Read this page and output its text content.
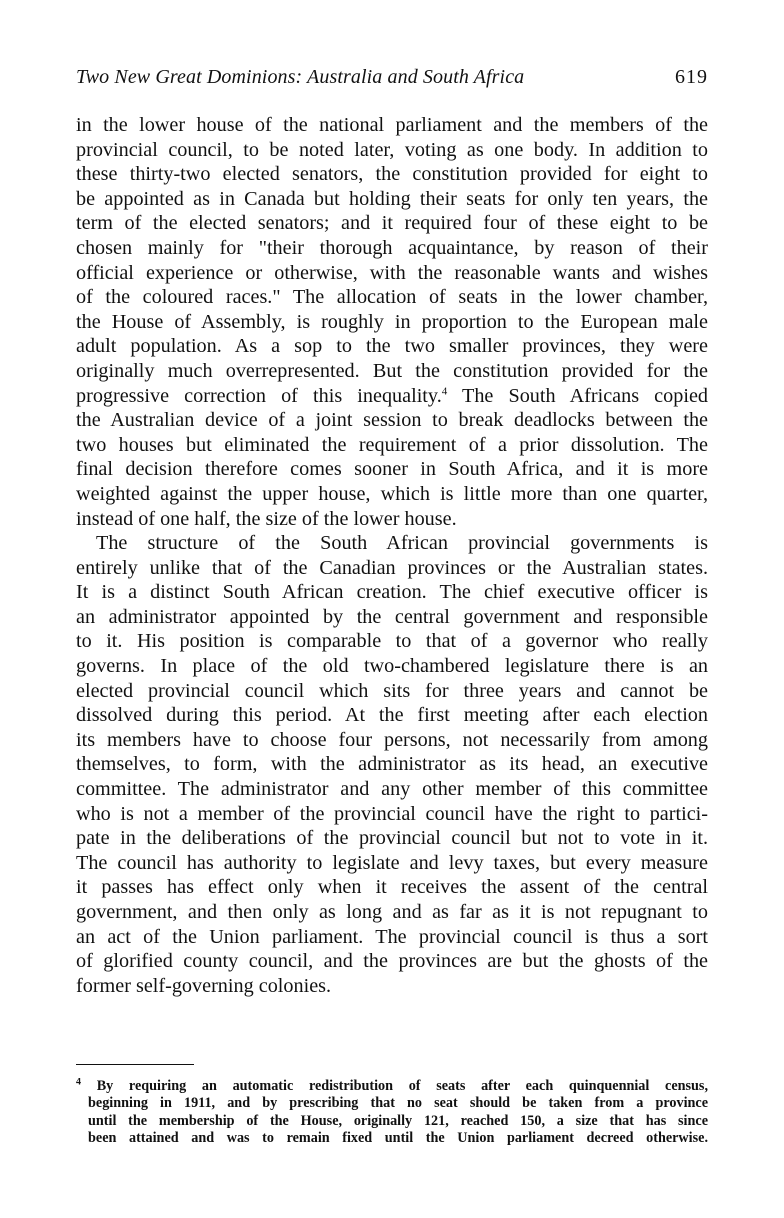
Two New Great Dominions: Australia and South Africa	619
in the lower house of the national parliament and the members of the
provincial council, to be noted later, voting as one body. In addition to
these thirty-two elected senators, the constitution provided for eight to
be appointed as in Canada but holding their seats for only ten years, the
term of the elected senators; and it required four of these eight to be
chosen mainly for "their thorough acquaintance, by reason of their
official experience or otherwise, with the reasonable wants and wishes
of the coloured races." The allocation of seats in the lower chamber,
the House of Assembly, is roughly in proportion to the European male
adult population. As a sop to the two smaller provinces, they were
originally much overrepresented. But the constitution provided for the
progressive correction of this inequality.$^4$ The South Africans copied
the Australian device of a joint session to break deadlocks between the
two houses but eliminated the requirement of a prior dissolution. The
final decision therefore comes sooner in South Africa, and it is more
weighted against the upper house, which is little more than one quarter,
instead of one half, the size of the lower house.
The structure of the South African provincial governments is
entirely unlike that of the Canadian provinces or the Australian states.
It is a distinct South African creation. The chief executive officer is
an administrator appointed by the central government and responsible
to it. His position is comparable to that of a governor who really
governs. In place of the old two-chambered legislature there is an
elected provincial council which sits for three years and cannot be
dissolved during this period. At the first meeting after each election
its members have to choose four persons, not necessarily from among
themselves, to form, with the administrator as its head, an executive
committee. The administrator and any other member of this committee
who is not a member of the provincial council have the right to partici-
pate in the deliberations of the provincial council but not to vote in it.
The council has authority to legislate and levy taxes, but every measure
it passes has effect only when it receives the assent of the central
government, and then only as long and as far as it is not repugnant to
an act of the Union parliament. The provincial council is thus a sort
of glorified county council, and the provinces are but the ghosts of the
former self-governing colonies.
$^4$ By requiring an automatic redistribution of seats after each quinquennial census,
beginning in 1911, and by prescribing that no seat should be taken from a province
until the membership of the House, originally 121, reached 150, a size that has since
been attained and was to remain fixed until the Union parliament decreed otherwise.
